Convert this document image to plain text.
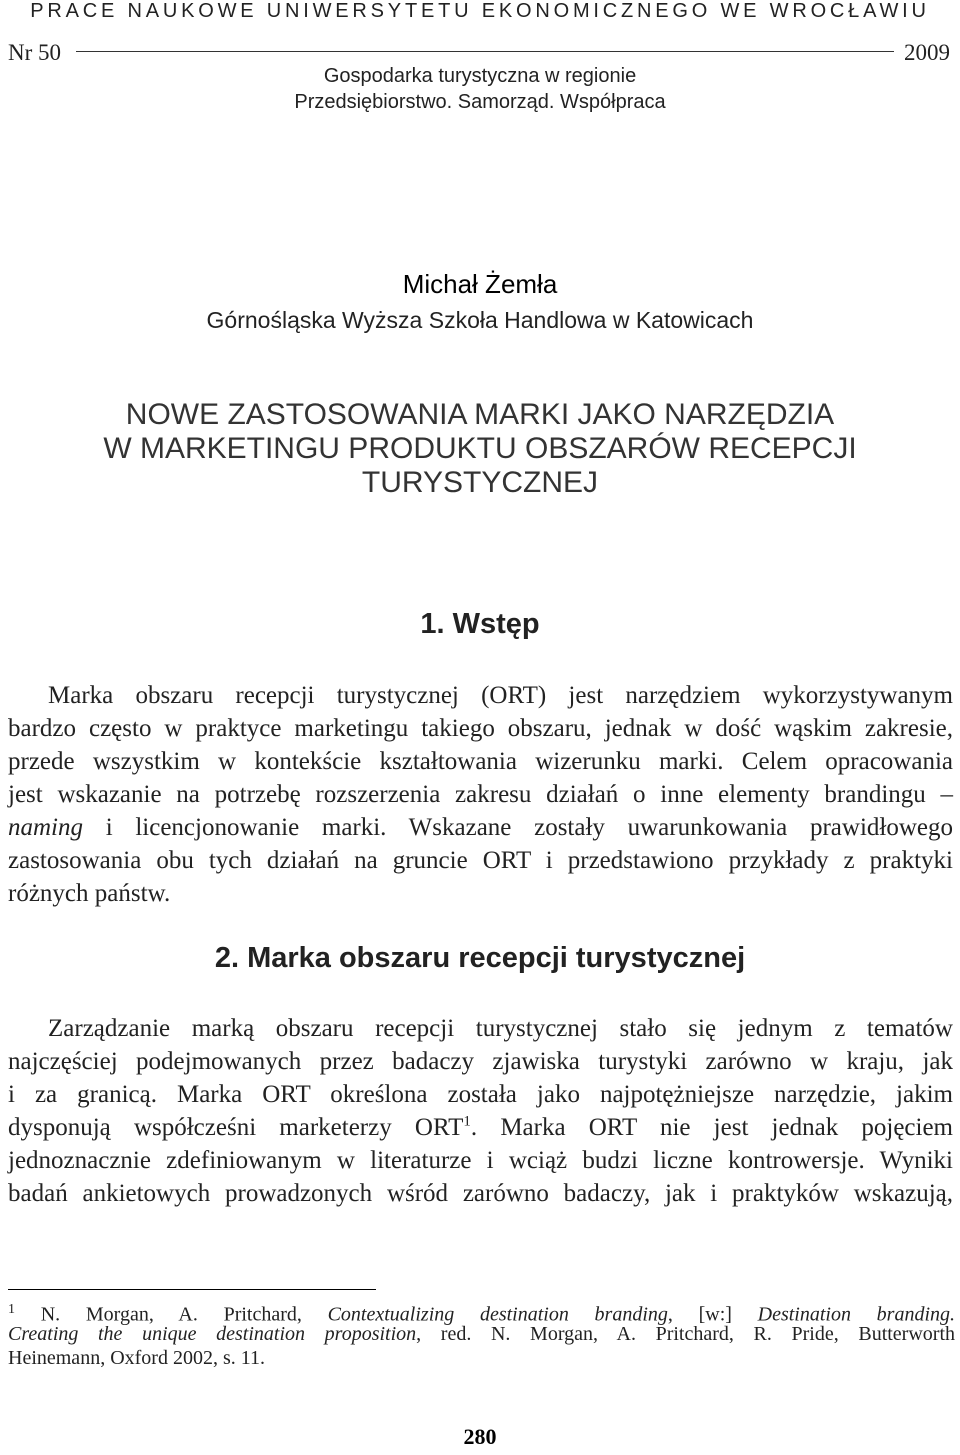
PRACE NAUKOWE UNIWERSYTETU EKONOMICZNEGO WE WROCŁAWIU
Nr 50	2009
Gospodarka turystyczna w regionie
Przedsiębiorstwo. Samorząd. Współpraca
Michał Żemła
Górnośląska Wyższa Szkoła Handlowa w Katowicach
NOWE ZASTOSOWANIA MARKI JAKO NARZĘDZIA
W MARKETINGU PRODUKTU OBSZARÓW RECEPCJI
TURYSTYCZNEJ
1. Wstęp
Marka obszaru recepcji turystycznej (ORT) jest narzędziem wykorzystywanym
bardzo często w praktyce marketingu takiego obszaru, jednak w dość wąskim zakresie,
przede wszystkim w kontekście kształtowania wizerunku marki. Celem opracowania
jest wskazanie na potrzebę rozszerzenia zakresu działań o inne elementy brandingu –
naming i licencjonowanie marki. Wskazane zostały uwarunkowania prawidłowego
zastosowania obu tych działań na gruncie ORT i przedstawiono przykłady z praktyki
różnych państw.
2. Marka obszaru recepcji turystycznej
Zarządzanie marką obszaru recepcji turystycznej stało się jednym z tematów
najczęściej podejmowanych przez badaczy zjawiska turystyki zarówno w kraju, jak
i za granicą. Marka ORT określona została jako najpotężniejsze narzędzie, jakim
dysponują współcześni marketerzy ORT$^1$. Marka ORT nie jest jednak pojęciem
jednoznacznie zdefiniowanym w literaturze i wciąż budzi liczne kontrowersje. Wyniki
badań ankietowych prowadzonych wśród zarówno badaczy, jak i praktyków wskazują,
$^1$ N. Morgan, A. Pritchard, Contextualizing destination branding, [w:] Destination branding.
Creating the unique destination proposition, red. N. Morgan, A. Pritchard, R. Pride, Butterworth
Heinemann, Oxford 2002, s. 11.
280
